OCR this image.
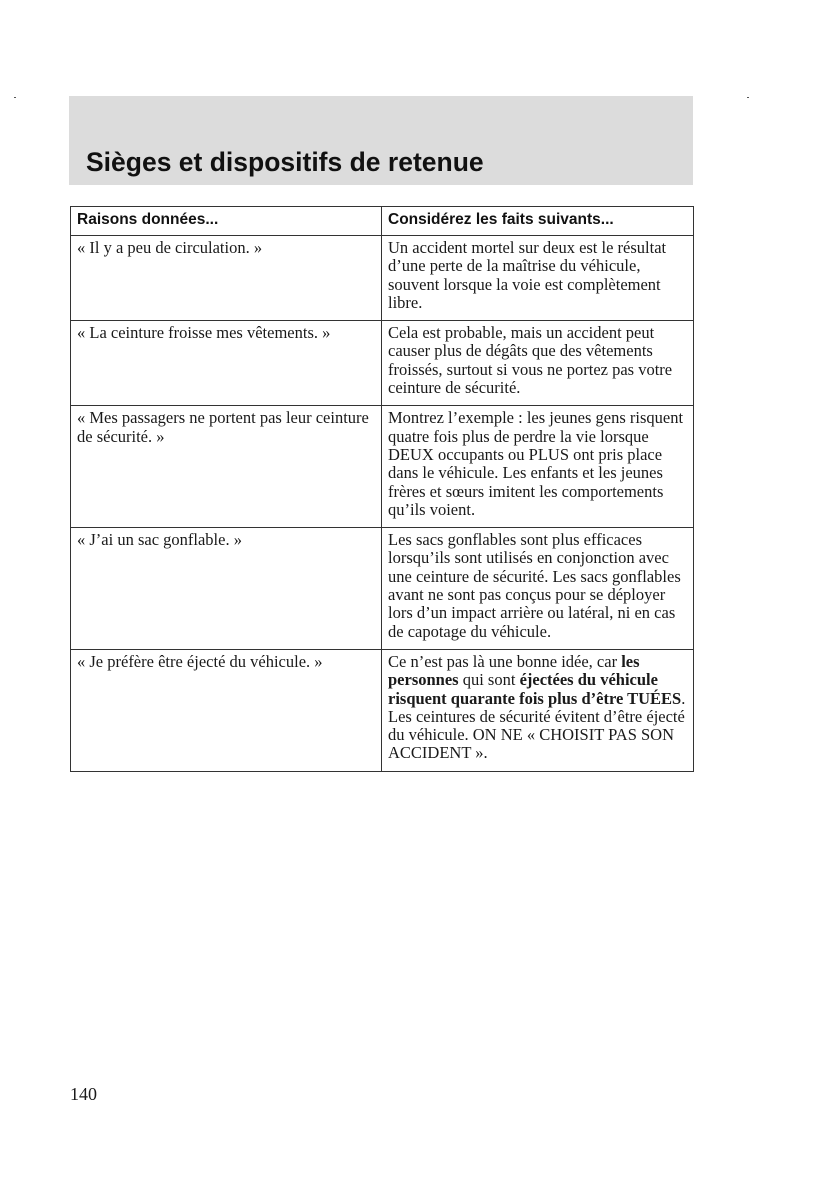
Sièges et dispositifs de retenue
Raisons données...	Considérez les faits suivants...
« Il y a peu de circulation. »	Un accident mortel sur deux est le résultat d’une perte de la maîtrise du véhicule, souvent lorsque la voie est complètement libre.
« La ceinture froisse mes vêtements. »	Cela est probable, mais un accident peut causer plus de dégâts que des vêtements froissés, surtout si vous ne portez pas votre ceinture de sécurité.
« Mes passagers ne portent pas leur ceinture de sécurité. »	Montrez l’exemple : les jeunes gens risquent quatre fois plus de perdre la vie lorsque DEUX occupants ou PLUS ont pris place dans le véhicule. Les enfants et les jeunes frères et sœurs imitent les comportements qu’ils voient.
« J’ai un sac gonflable. »	Les sacs gonflables sont plus efficaces lorsqu’ils sont utilisés en conjonction avec une ceinture de sécurité. Les sacs gonflables avant ne sont pas conçus pour se déployer lors d’un impact arrière ou latéral, ni en cas de capotage du véhicule.
« Je préfère être éjecté du véhicule. »	Ce n’est pas là une bonne idée, car les personnes qui sont éjectées du véhicule risquent quarante fois plus d’être TUÉES. Les ceintures de sécurité évitent d’être éjecté du véhicule. ON NE « CHOISIT PAS SON ACCIDENT ».
140
